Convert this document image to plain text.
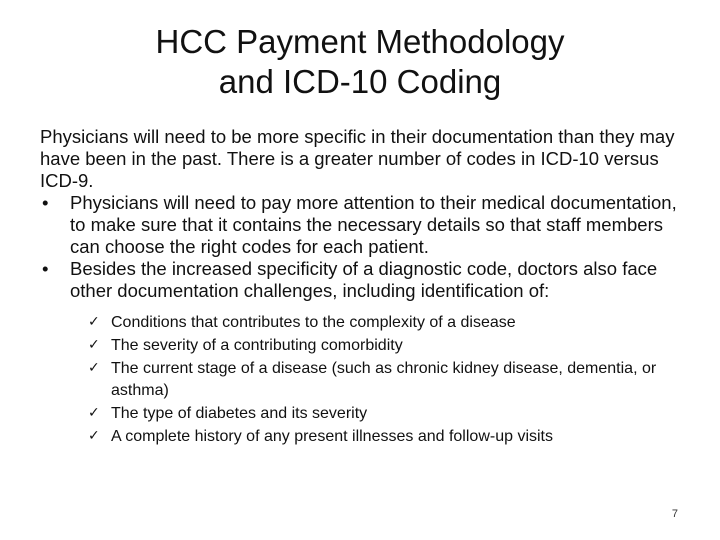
HCC Payment Methodology
and ICD-10 Coding

Physicians will need to be more specific in their documentation than they may have been in the past. There is a greater number of codes in ICD-10 versus ICD-9.

• Physicians will need to pay more attention to their medical documentation, to make sure that it contains the necessary details so that staff members can choose the right codes for each patient.
• Besides the increased specificity of a diagnostic code, doctors also face other documentation challenges, including identification of:
✓ Conditions that contributes to the complexity of a disease
✓ The severity of a contributing comorbidity
✓ The current stage of a disease (such as chronic kidney disease, dementia, or asthma)
✓ The type of diabetes and its severity
✓ A complete history of any present illnesses and follow-up visits
7
